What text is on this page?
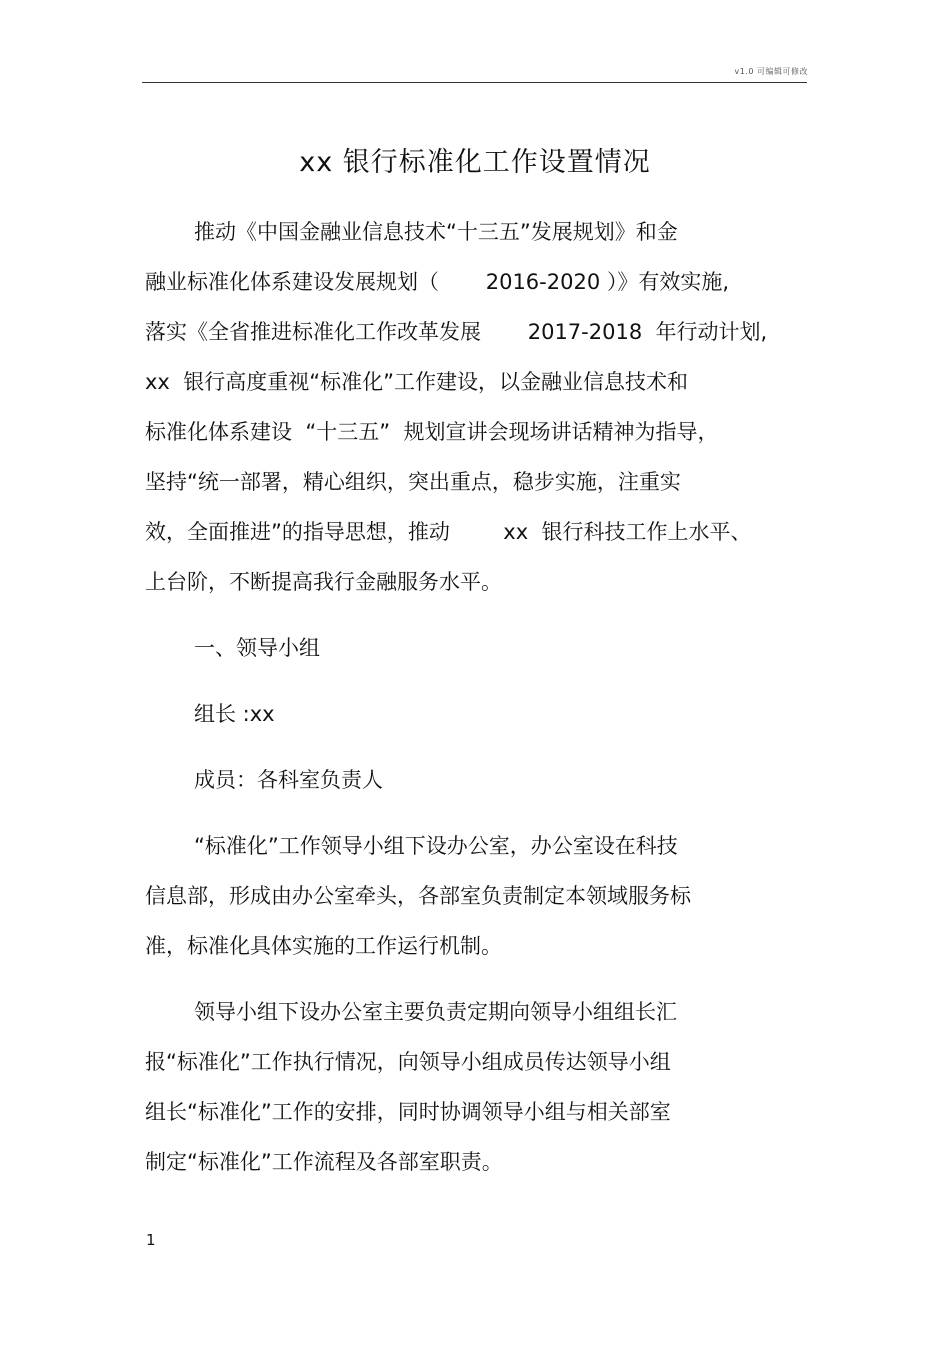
v1.0 可编辑可修改
xx 银行标准化工作设置情况

推动《中国金融业信息技术“十三五”发展规划》和金

融业标准化体系建设发展规划（       2016-2020 ）》有效实施,

落实《全省推进标准化工作改革发展       2017-2018  年行动计划,

xx  银行高度重视“标准化”工作建设，以金融业信息技术和

标准化体系建设  “十三五”  规划宣讲会现场讲话精神为指导，

坚持“统一部署，精心组织，突出重点，稳步实施，注重实

效，全面推进”的指导思想，推动        xx  银行科技工作上水平、

上台阶，不断提高我行金融服务水平。

一、领导小组

组长 :xx

成员：各科室负责人

“标准化”工作领导小组下设办公室，办公室设在科技

信息部，形成由办公室牵头，各部室负责制定本领域服务标

准，标准化具体实施的工作运行机制。

领导小组下设办公室主要负责定期向领导小组组长汇

报“标准化”工作执行情况，向领导小组成员传达领导小组

组长“标准化”工作的安排，同时协调领导小组与相关部室

制定“标准化”工作流程及各部室职责。

1
